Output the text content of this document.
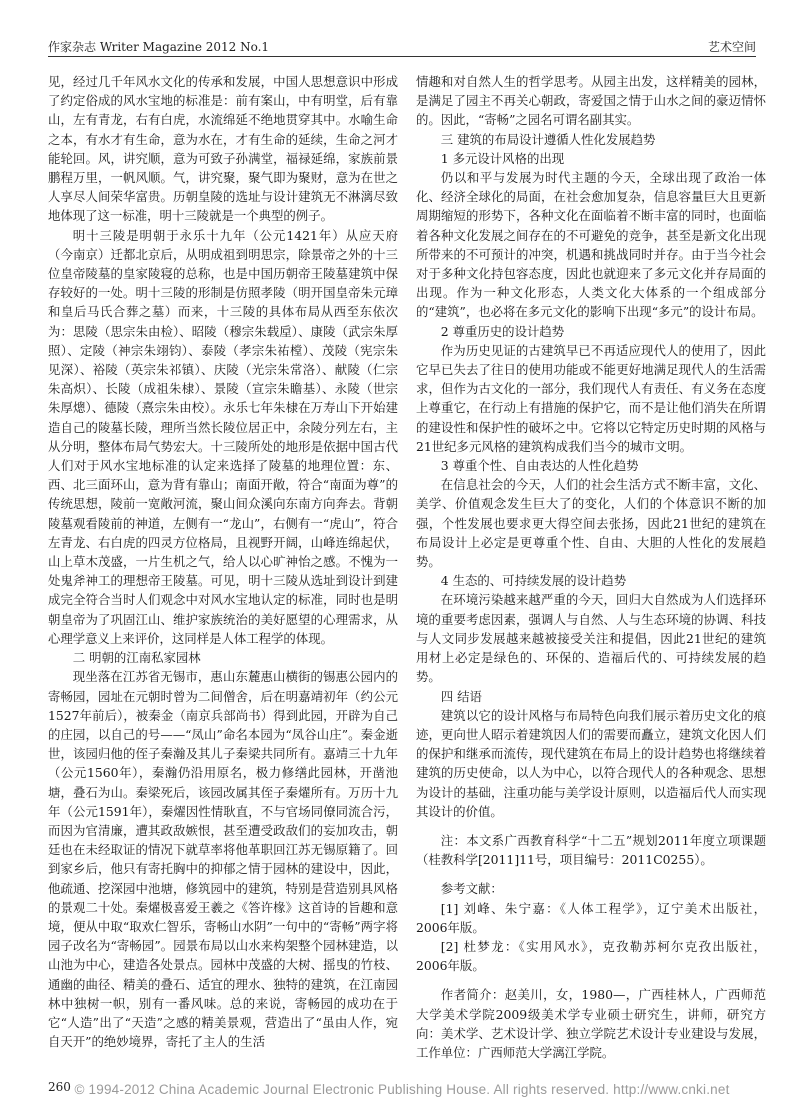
作家杂志 Writer Magazine 2012 No.1	艺术空间

见，经过几千年风水文化的传承和发展，中国人思想意识中形成了约定俗成的风水宝地的标准是：前有案山，中有明堂，后有靠山，左有青龙，右有白虎，水流绵延不绝地贯穿其中。水喻生命之本，有水才有生命，意为水在，才有生命的延续，生命之河才能轮回。风，讲究顺，意为可致子孙满堂，福禄延绵，家族前景鹏程万里，一帆风顺。气，讲究聚，聚气即为聚财，意为在世之人享尽人间荣华富贵。历朝皇陵的选址与设计建筑无不淋漓尽致地体现了这一标准，明十三陵就是一个典型的例子。

明十三陵是明朝于永乐十九年（公元1421年）从应天府（今南京）迁都北京后，从明成祖到明思宗，除景帝之外的十三位皇帝陵墓的皇家陵寝的总称，也是中国历朝帝王陵墓建筑中保存较好的一处。明十三陵的形制是仿照孝陵（明开国皇帝朱元璋和皇后马氏合葬之墓）而来，十三陵的具体布局从西至东依次为：思陵（思宗朱由检）、昭陵（穆宗朱载垕）、康陵（武宗朱厚照）、定陵（神宗朱翊钧）、泰陵（孝宗朱祐樘）、茂陵（宪宗朱见深）、裕陵（英宗朱祁镇）、庆陵（光宗朱常洛）、献陵（仁宗朱高炽）、长陵（成祖朱棣）、景陵（宣宗朱瞻基）、永陵（世宗朱厚熜）、德陵（熹宗朱由校）。永乐七年朱棣在万寿山下开始建造自己的陵墓长陵，理所当然长陵位居正中，余陵分列左右，主从分明，整体布局气势宏大。十三陵所处的地形是依据中国古代人们对于风水宝地标准的认定来选择了陵墓的地理位置：东、西、北三面环山，意为背有靠山；南面开敞，符合“南面为尊”的传统思想，陵前一宽敞河流，聚山间众溪向东南方向奔去。背朝陵墓观看陵前的神道，左侧有一“龙山”，右侧有一“虎山”，符合左青龙、右白虎的四灵方位格局，且视野开阔，山峰连绵起伏，山上草木茂盛，一片生机之气，给人以心旷神怡之感。不愧为一处鬼斧神工的理想帝王陵墓。可见，明十三陵从选址到设计到建成完全符合当时人们观念中对风水宝地认定的标准，同时也是明朝皇帝为了巩固江山、维护家族统治的美好愿望的心理需求，从心理学意义上来评价，这同样是人体工程学的体现。

二 明朝的江南私家园林

现坐落在江苏省无锡市，惠山东麓惠山横街的锡惠公园内的寄畅园，园址在元朝时曾为二间僧舍，后在明嘉靖初年（约公元1527年前后），被秦金（南京兵部尚书）得到此园，开辟为自己的庄园，以自己的号——“凤山”命名本园为“凤谷山庄”。秦金逝世，该园归他的侄子秦瀚及其儿子秦梁共同所有。嘉靖三十九年（公元1560年），秦瀚仍沿用原名，极力修缮此园林，开凿池塘，叠石为山。秦梁死后，该园改属其侄子秦燿所有。万历十九年（公元1591年），秦燿因性情耿直，不与官场同僚同流合污，而因为官清廉，遭其政敌嫉恨，甚至遭受政敌们的妄加攻击，朝廷也在未经取证的情况下就草率将他革职回江苏无锡原籍了。回到家乡后，他只有寄托胸中的抑郁之情于园林的建设中，因此，他疏通、挖深园中池塘，修筑园中的建筑，特别是营造别具风格的景观二十处。秦燿极喜爱王羲之《答许椽》这首诗的旨趣和意境，便从中取“取欢仁智乐，寄畅山水阴”一句中的“寄畅”两字将园子改名为“寄畅园”。园景布局以山水来构架整个园林建造，以山池为中心，建造各处景点。园林中茂盛的大树、摇曳的竹枝、通幽的曲径、精美的叠石、适宜的理水、独特的建筑，在江南园林中独树一帜，别有一番风味。总的来说，寄畅园的成功在于它“人造”出了“天造”之感的精美景观，营造出了“虽由人作，宛自天开”的绝妙境界，寄托了主人的生活

情趣和对自然人生的哲学思考。从园主出发，这样精美的园林，是满足了园主不再关心朝政，寄爱国之情于山水之间的豪迈情怀的。因此，“寄畅”之园名可谓名副其实。

三 建筑的布局设计遵循人性化发展趋势

1 多元设计风格的出现

仍以和平与发展为时代主题的今天，全球出现了政治一体化、经济全球化的局面，在社会愈加复杂，信息容量巨大且更新周期缩短的形势下，各种文化在面临着不断丰富的同时，也面临着各种文化发展之间存在的不可避免的竞争，甚至是新文化出现所带来的不可预计的冲突，机遇和挑战同时并存。由于当今社会对于多种文化持包容态度，因此也就迎来了多元文化并存局面的出现。作为一种文化形态，人类文化大体系的一个组成部分的“建筑”，也必将在多元文化的影响下出现“多元”的设计布局。

2 尊重历史的设计趋势

作为历史见证的古建筑早已不再适应现代人的使用了，因此它早已失去了往日的使用功能或不能更好地满足现代人的生活需求，但作为古文化的一部分，我们现代人有责任、有义务在态度上尊重它，在行动上有措施的保护它，而不是让他们消失在所谓的建设性和保护性的破坏之中。它将以它特定历史时期的风格与21世纪多元风格的建筑构成我们当今的城市文明。

3 尊重个性、自由表达的人性化趋势

在信息社会的今天，人们的社会生活方式不断丰富，文化、美学、价值观念发生巨大了的变化，人们的个体意识不断的加强，个性发展也要求更大得空间去张扬，因此21世纪的建筑在布局设计上必定是更尊重个性、自由、大胆的人性化的发展趋势。

4 生态的、可持续发展的设计趋势

在环境污染越来越严重的今天，回归大自然成为人们选择环境的重要考虑因素，强调人与自然、人与生态环境的协调、科技与人文同步发展越来越被接受关注和提倡，因此21世纪的建筑用材上必定是绿色的、环保的、造福后代的、可持续发展的趋势。

四 结语

建筑以它的设计风格与布局特色向我们展示着历史文化的痕迹，更向世人昭示着建筑因人们的需要而矗立，建筑文化因人们的保护和继承而流传，现代建筑在布局上的设计趋势也将继续着建筑的历史使命，以人为中心，以符合现代人的各种观念、思想为设计的基础，注重功能与美学设计原则，以造福后代人而实现其设计的价值。

注：本文系广西教育科学“十二五”规划2011年度立项课题（桂教科学[2011]11号，项目编号：2011C0255）。

参考文献：

[1] 刘峰、朱宁嘉：《人体工程学》，辽宁美术出版社，2006年版。

[2] 杜梦龙：《实用风水》，克孜勒苏柯尔克孜出版社，2006年版。

作者简介：赵美川，女，1980—，广西桂林人，广西师范大学美术学院2009级美术学专业硕士研究生，讲师，研究方向：美术学、艺术设计学、独立学院艺术设计专业建设与发展，工作单位：广西师范大学漓江学院。

260 © 1994-2012 China Academic Journal Electronic Publishing House. All rights reserved. http://www.cnki.net
